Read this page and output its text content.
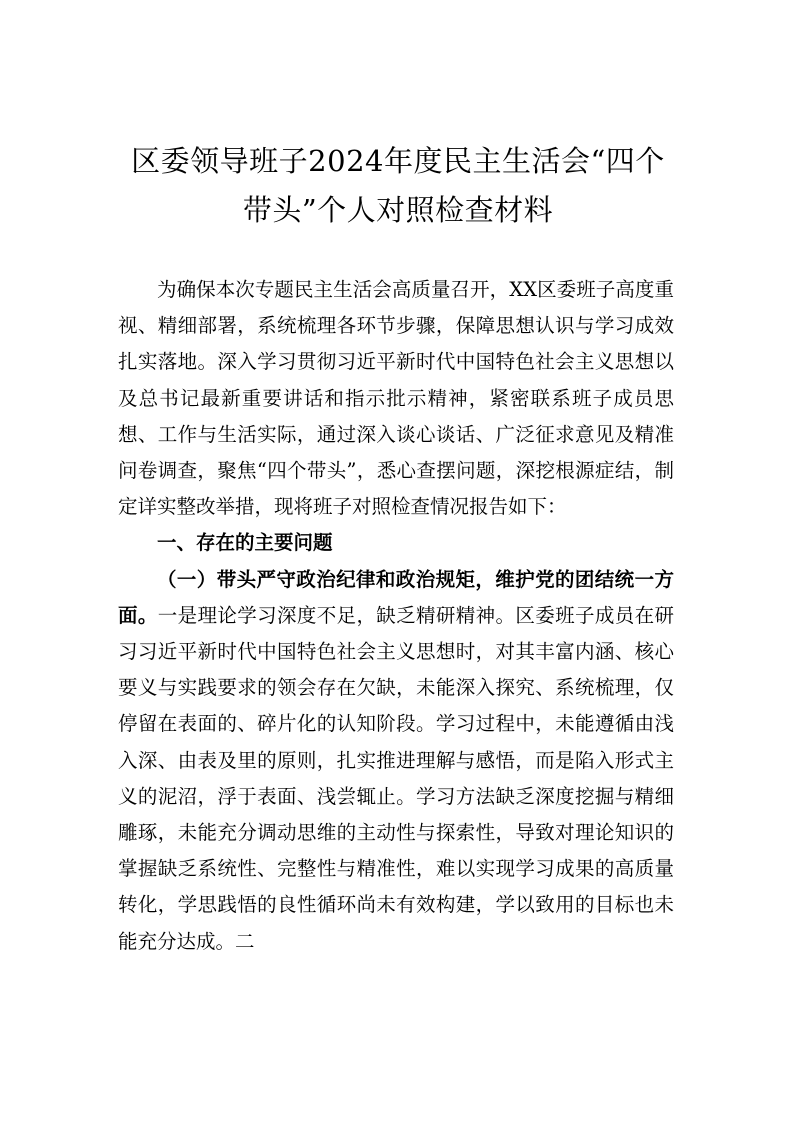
区委领导班子2024年度民主生活会“四个带头”个人对照检查材料

为确保本次专题民主生活会高质量召开，XX区委班子高度重视、精细部署，系统梳理各环节步骤，保障思想认识与学习成效扎实落地。深入学习贯彻习近平新时代中国特色社会主义思想以及总书记最新重要讲话和指示批示精神，紧密联系班子成员思想、工作与生活实际，通过深入谈心谈话、广泛征求意见及精准问卷调查，聚焦“四个带头”，悉心查摆问题，深挖根源症结，制定详实整改举措，现将班子对照检查情况报告如下：

一、存在的主要问题

（一）带头严守政治纪律和政治规矩，维护党的团结统一方面。一是理论学习深度不足，缺乏精研精神。区委班子成员在研习习近平新时代中国特色社会主义思想时，对其丰富内涵、核心要义与实践要求的领会存在欠缺，未能深入探究、系统梳理，仅停留在表面的、碎片化的认知阶段。学习过程中，未能遵循由浅入深、由表及里的原则，扎实推进理解与感悟，而是陷入形式主义的泥沼，浮于表面、浅尝辄止。学习方法缺乏深度挖掘与精细雕琢，未能充分调动思维的主动性与探索性，导致对理论知识的掌握缺乏系统性、完整性与精准性，难以实现学习成果的高质量转化，学思践悟的良性循环尚未有效构建，学以致用的目标也未能充分达成。二
